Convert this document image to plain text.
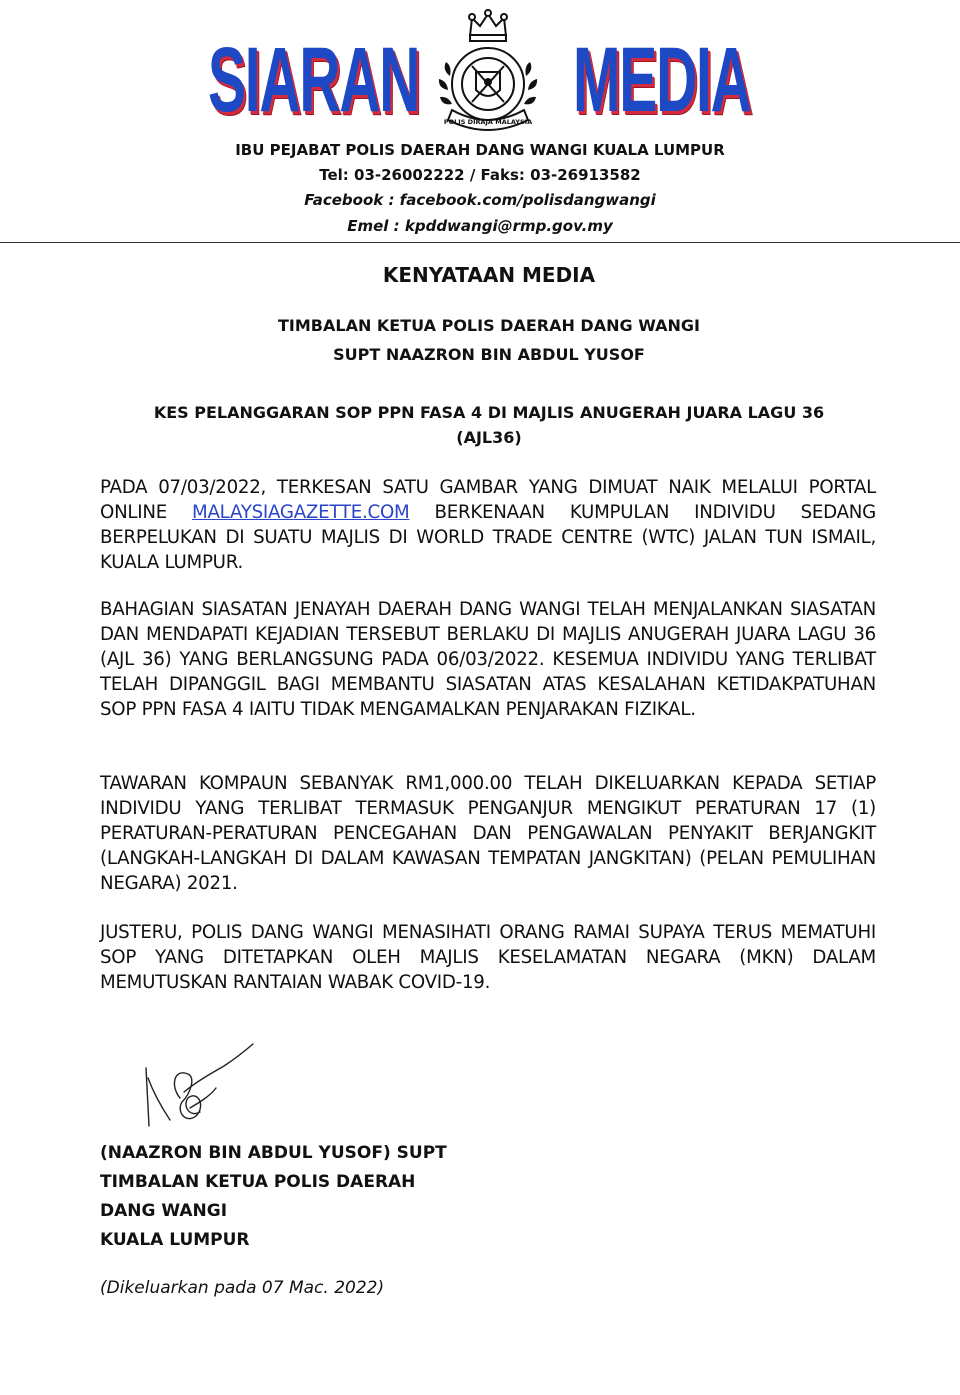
SIARAN	POLIS DIRAJA MALAYSIA MEDIA
IBU PEJABAT POLIS DAERAH DANG WANGI KUALA LUMPUR
Tel: 03-26002222 / Faks: 03-26913582
Facebook : facebook.com/polisdangwangi
Emel : kpddwangi@rmp.gov.my
KENYATAAN MEDIA
TIMBALAN KETUA POLIS DAERAH DANG WANGI
SUPT NAAZRON BIN ABDUL YUSOF
KES PELANGGARAN SOP PPN FASA 4 DI MAJLIS ANUGERAH JUARA LAGU 36
(AJL36)

PADA 07/03/2022, TERKESAN SATU GAMBAR YANG DIMUAT NAIK MELALUI PORTAL ONLINE MALAYSIAGAZETTE.COM BERKENAAN KUMPULAN INDIVIDU SEDANG BERPELUKAN DI SUATU MAJLIS DI WORLD TRADE CENTRE (WTC) JALAN TUN ISMAIL, KUALA LUMPUR.

BAHAGIAN SIASATAN JENAYAH DAERAH DANG WANGI TELAH MENJALANKAN SIASATAN DAN MENDAPATI KEJADIAN TERSEBUT BERLAKU DI MAJLIS ANUGERAH JUARA LAGU 36 (AJL 36) YANG BERLANGSUNG PADA 06/03/2022. KESEMUA INDIVIDU YANG TERLIBAT TELAH DIPANGGIL BAGI MEMBANTU SIASATAN ATAS KESALAHAN KETIDAKPATUHAN SOP PPN FASA 4 IAITU TIDAK MENGAMALKAN PENJARAKAN FIZIKAL.

TAWARAN KOMPAUN SEBANYAK RM1,000.00 TELAH DIKELUARKAN KEPADA SETIAP INDIVIDU YANG TERLIBAT TERMASUK PENGANJUR MENGIKUT PERATURAN 17 (1) PERATURAN-PERATURAN PENCEGAHAN DAN PENGAWALAN PENYAKIT BERJANGKIT (LANGKAH-LANGKAH DI DALAM KAWASAN TEMPATAN JANGKITAN) (PELAN PEMULIHAN NEGARA) 2021.

JUSTERU, POLIS DANG WANGI MENASIHATI ORANG RAMAI SUPAYA TERUS MEMATUHI SOP YANG DITETAPKAN OLEH MAJLIS KESELAMATAN NEGARA (MKN) DALAM MEMUTUSKAN RANTAIAN WABAK COVID-19.

(NAAZRON BIN ABDUL YUSOF) SUPT
TIMBALAN KETUA POLIS DAERAH
DANG WANGI
KUALA LUMPUR
(Dikeluarkan pada 07 Mac. 2022)
